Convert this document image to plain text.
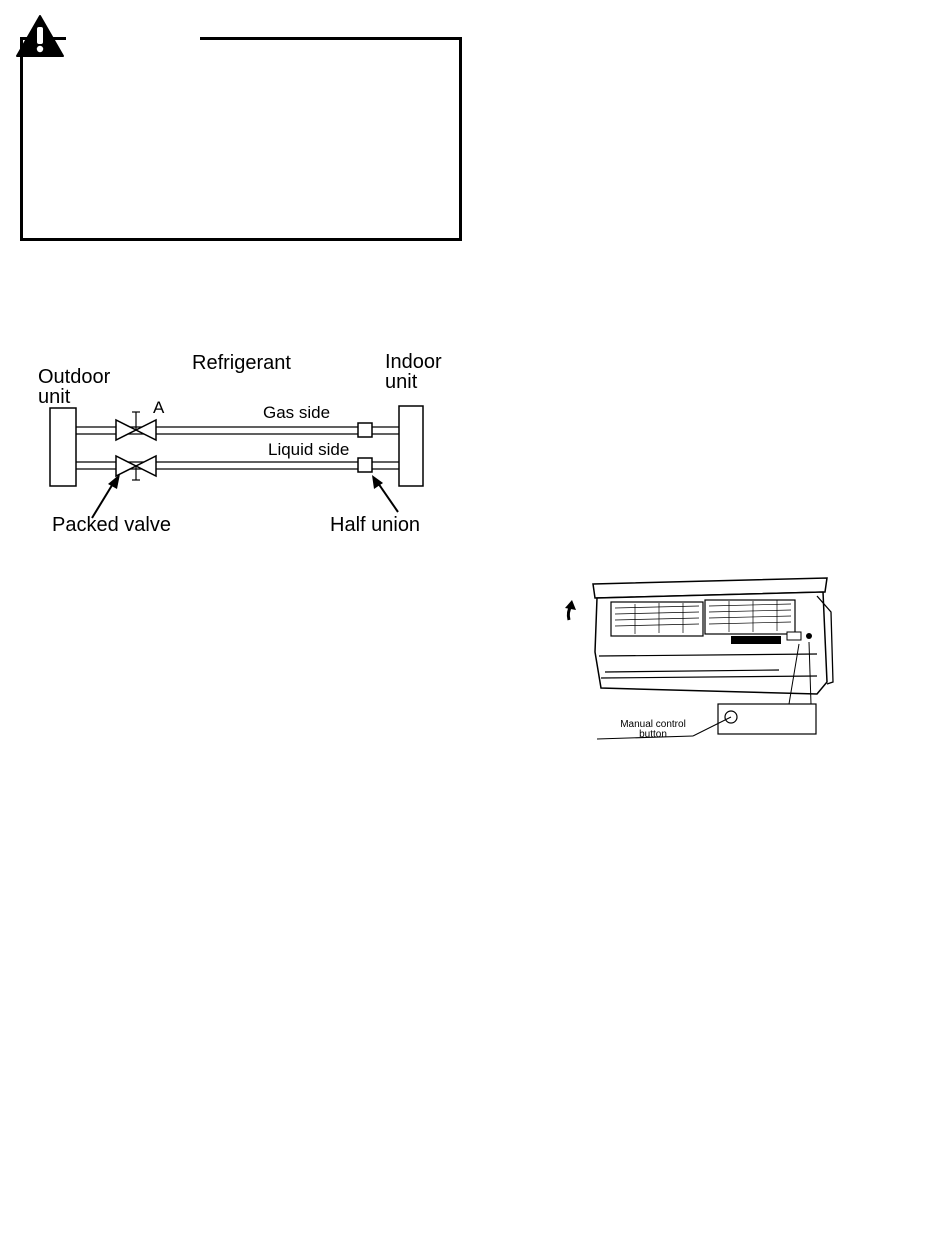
Outdoor unit
Refrigerant	Indoor unit
A	Gas side
Liquid side
Packed valve	Half union
Manual control
button
